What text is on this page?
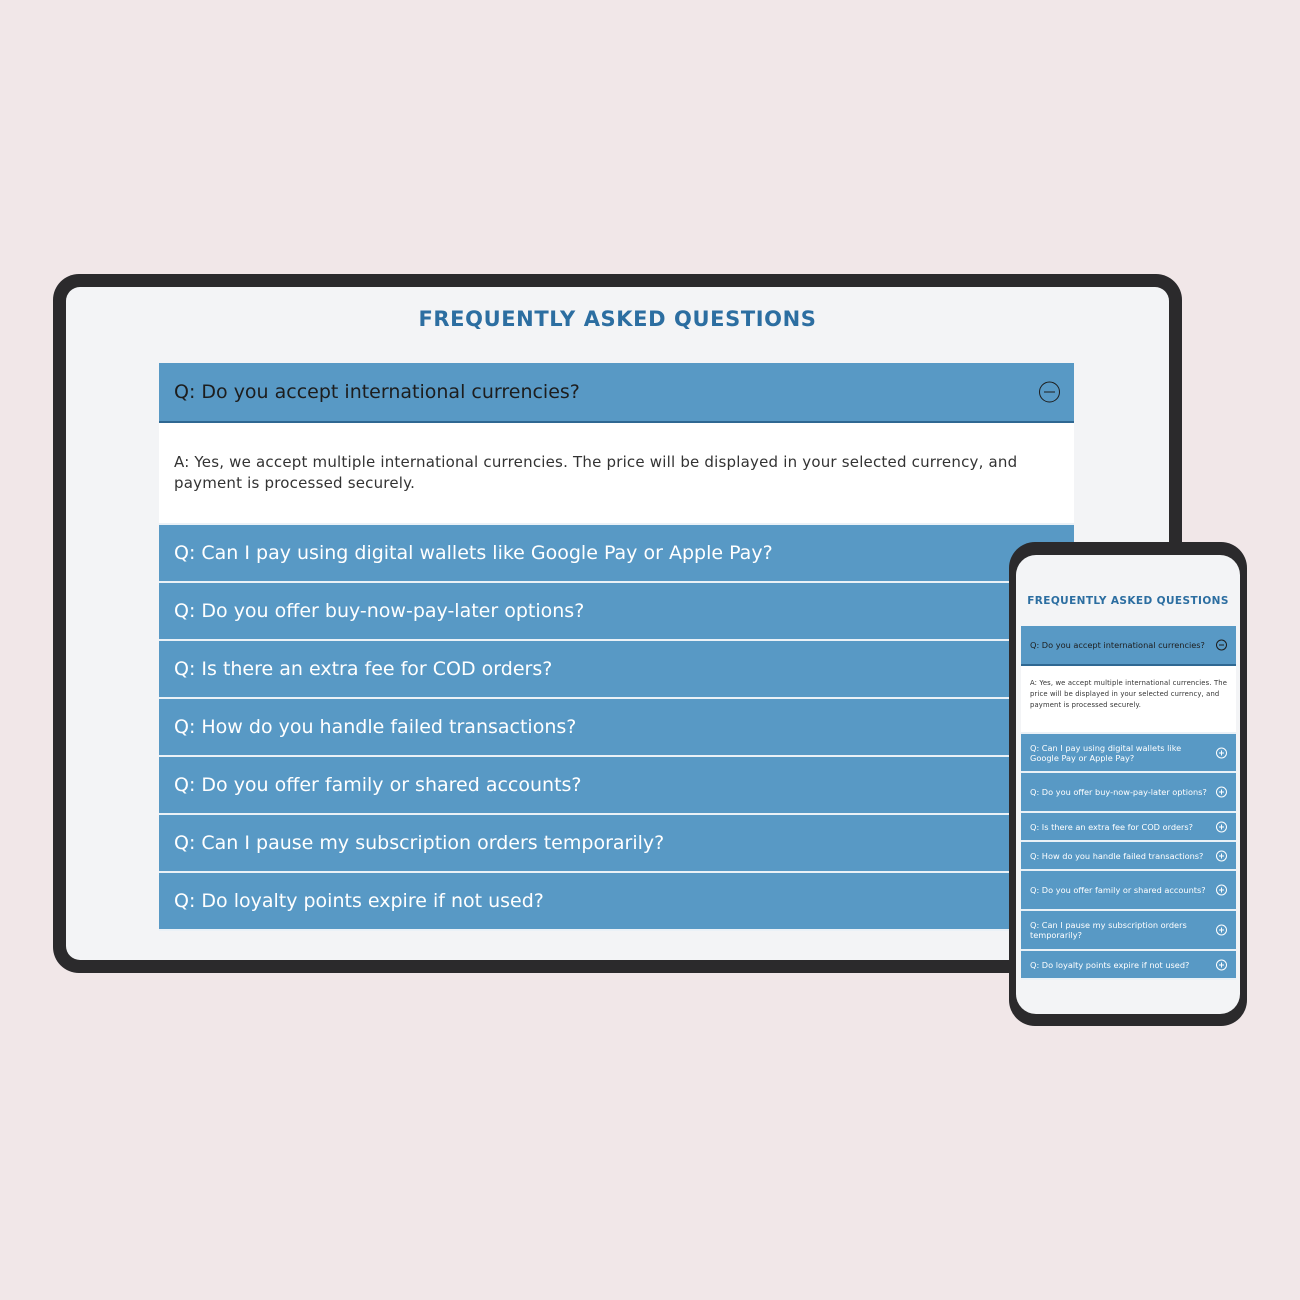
FREQUENTLY ASKED QUESTIONS
Q: Do you accept international currencies?
A: Yes, we accept multiple international currencies. The price will be displayed in your selected currency, and payment is processed securely.
Q: Can I pay using digital wallets like Google Pay or Apple Pay?
Q: Do you offer buy-now-pay-later options?
Q: Is there an extra fee for COD orders?
Q: How do you handle failed transactions?
Q: Do you offer family or shared accounts?
Q: Can I pause my subscription orders temporarily?
Q: Do loyalty points expire if not used?
FREQUENTLY ASKED QUESTIONS
Q: Do you accept international currencies?
A: Yes, we accept multiple international currencies. The price will be displayed in your selected currency, and payment is processed securely.
Q: Can I pay using digital wallets like Google Pay or Apple Pay?
Q: Do you offer buy-now-pay-later options?
Q: Is there an extra fee for COD orders?
Q: How do you handle failed transactions?
Q: Do you offer family or shared accounts?
Q: Can I pause my subscription orders temporarily?
Q: Do loyalty points expire if not used?
